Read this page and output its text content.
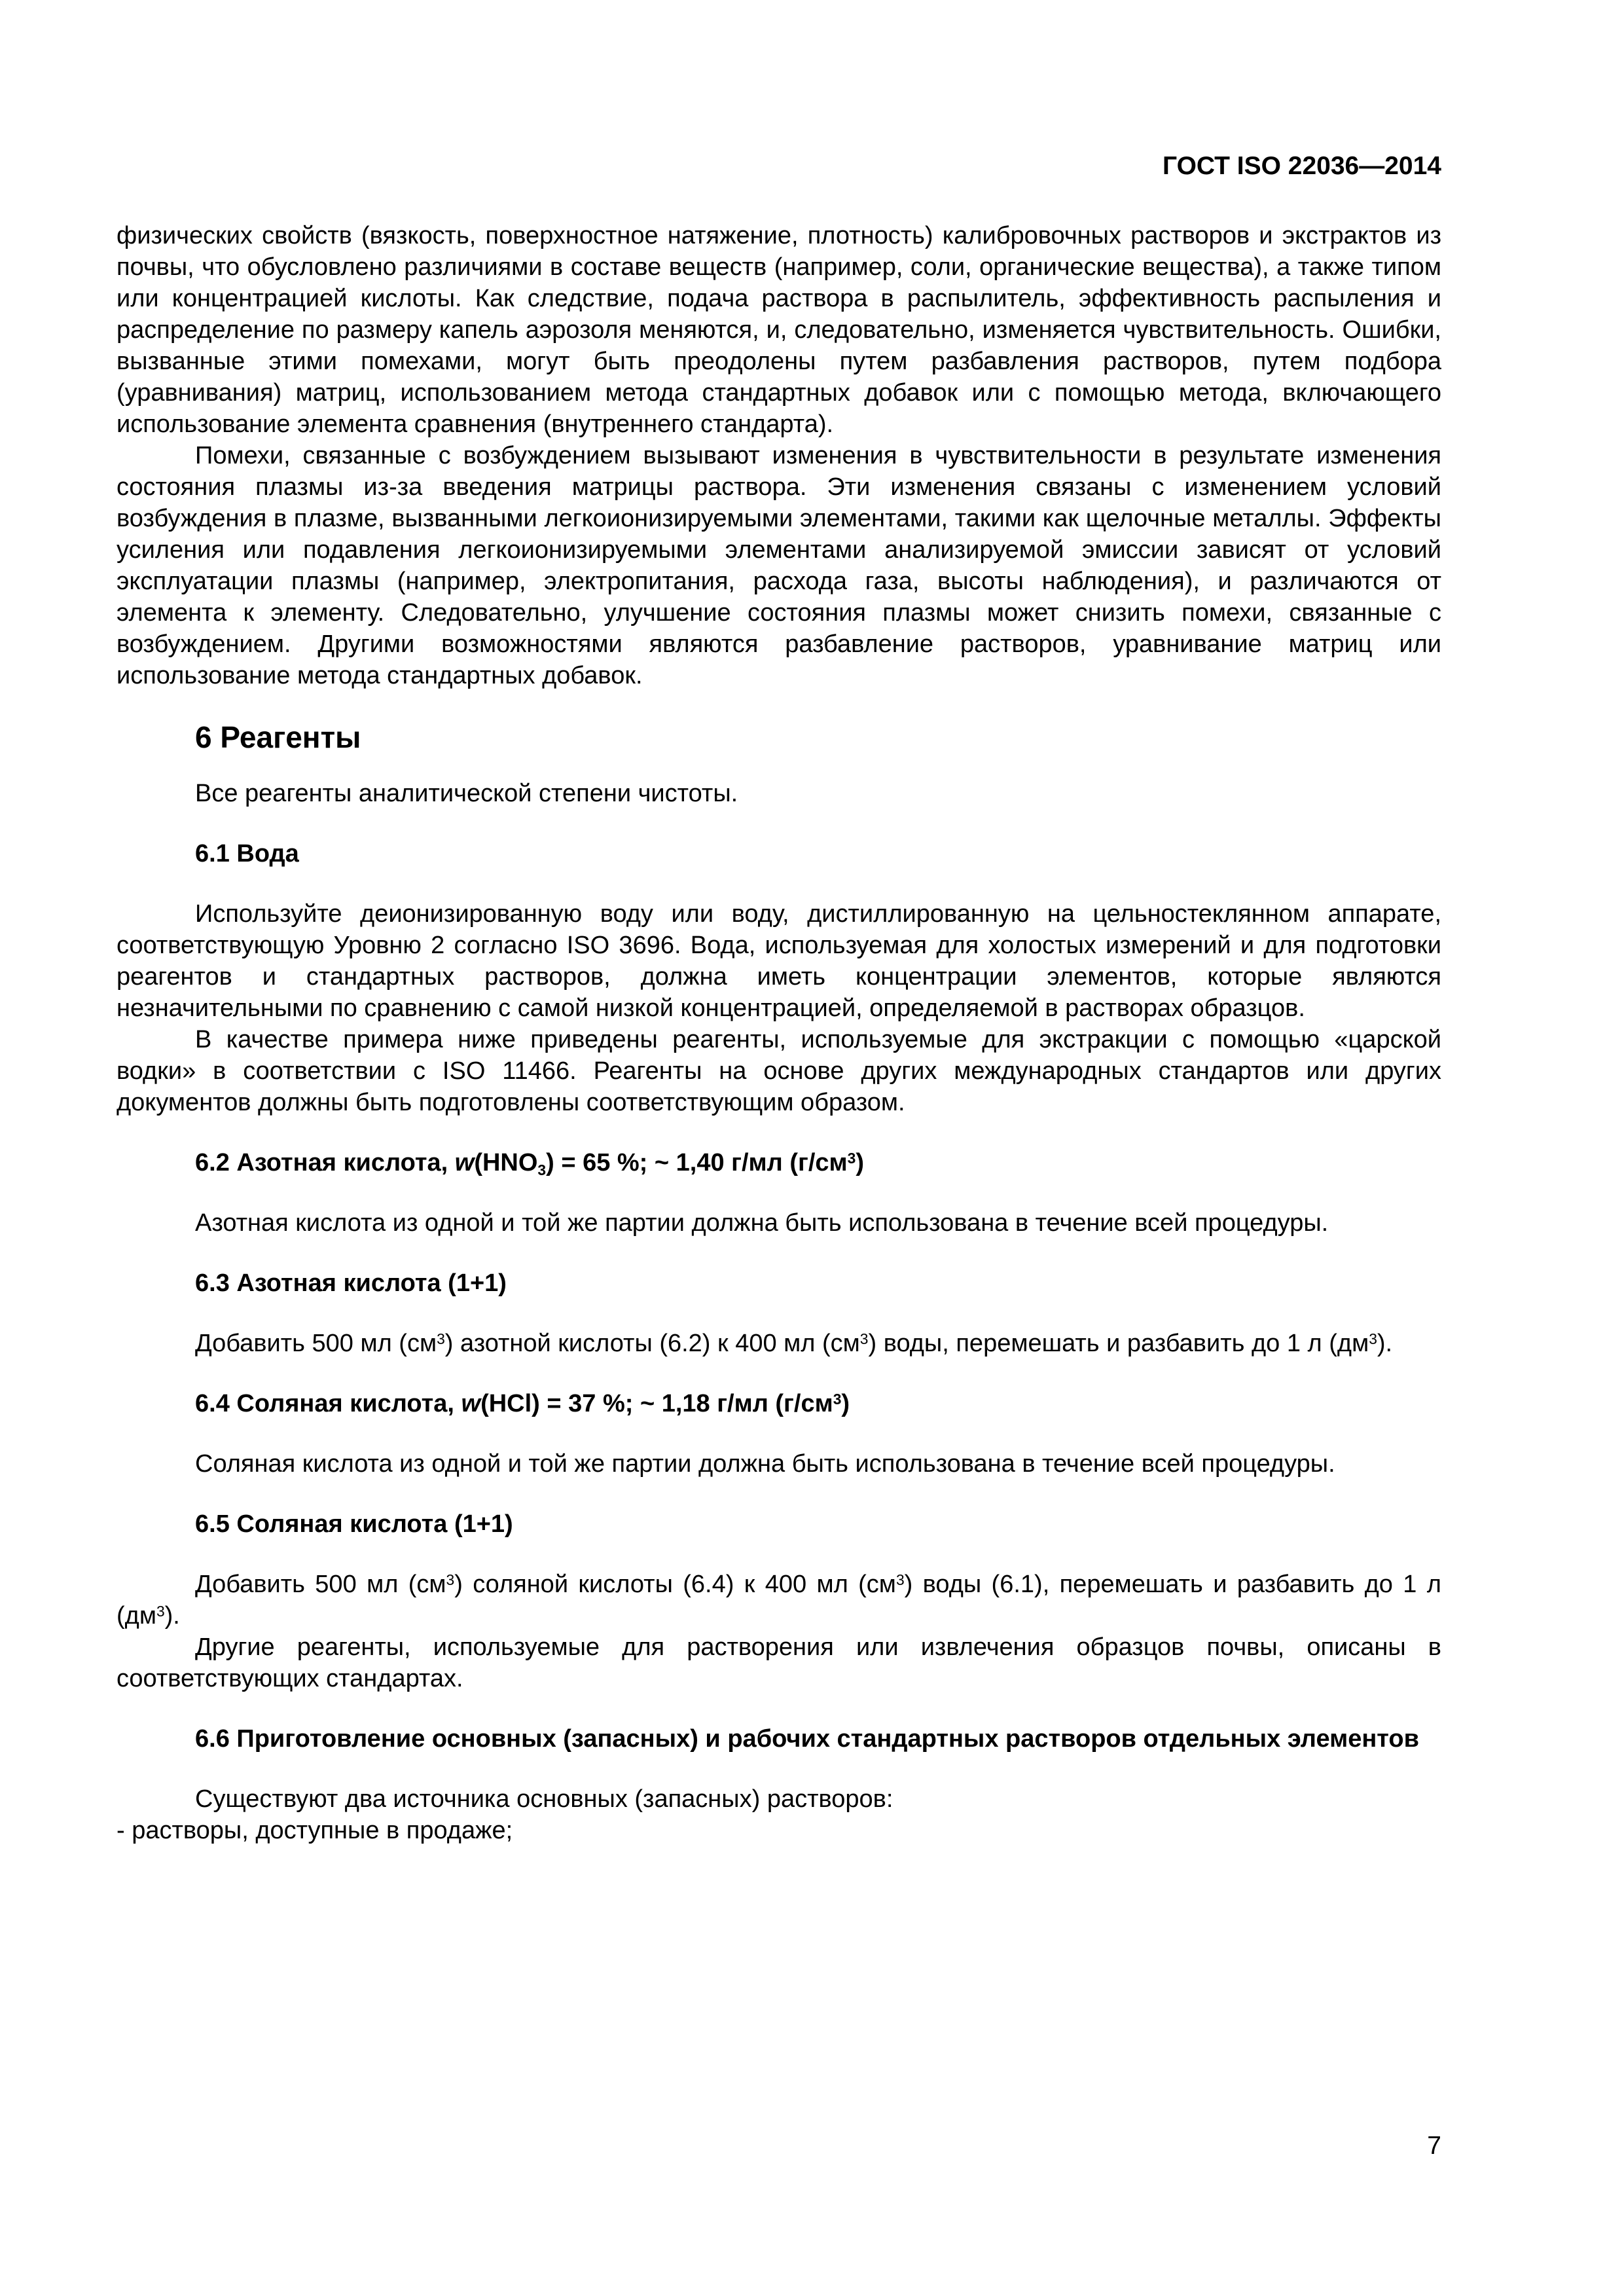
ГОСТ ISO 22036—2014

физических свойств (вязкость, поверхностное натяжение, плотность) калибровочных растворов и экстрактов из почвы, что обусловлено различиями в составе веществ (например, соли, органические вещества), а также типом или концентрацией кислоты. Как следствие, подача раствора в распылитель, эффективность распыления и распределение по размеру капель аэрозоля меняются, и, следовательно, изменяется чувствительность. Ошибки, вызванные этими помехами, могут быть преодолены путем разбавления растворов, путем подбора (уравнивания) матриц, использованием метода стандартных добавок или с помощью метода, включающего использование элемента сравнения (внутреннего стандарта).

Помехи, связанные с возбуждением вызывают изменения в чувствительности в результате изменения состояния плазмы из-за введения матрицы раствора. Эти изменения связаны с изменением условий возбуждения в плазме, вызванными легкоионизируемыми элементами, такими как щелочные металлы. Эффекты усиления или подавления легкоионизируемыми элементами анализируемой эмиссии зависят от условий эксплуатации плазмы (например, электропитания, расхода газа, высоты наблюдения), и различаются от элемента к элементу. Следовательно, улучшение состояния плазмы может снизить помехи, связанные с возбуждением. Другими возможностями являются разбавление растворов, уравнивание матриц или использование метода стандартных добавок.

6 Реагенты

Все реагенты аналитической степени чистоты.

6.1 Вода

Используйте деионизированную воду или воду, дистиллированную на цельностеклянном аппарате, соответствующую Уровню 2 согласно ISO 3696. Вода, используемая для холостых измерений и для подготовки реагентов и стандартных растворов, должна иметь концентрации элементов, которые являются незначительными по сравнению с самой низкой концентрацией, определяемой в растворах образцов.

В качестве примера ниже приведены реагенты, используемые для экстракции с помощью «царской водки» в соответствии с ISO 11466. Реагенты на основе других международных стандартов или других документов должны быть подготовлены соответствующим образом.

6.2 Азотная кислота, $w(HNO_3) = 65$ %; ~ 1,40 г/мл $(г/см^3)$

Азотная кислота из одной и той же партии должна быть использована в течение всей процедуры.

6.3 Азотная кислота (1+1)

Добавить 500 мл $(см^3)$ азотной кислоты (6.2) к 400 мл $(см^3)$ воды, перемешать и разбавить до 1 л $(дм^3)$.

6.4 Соляная кислота, w(HCl) = 37 %; ~ 1,18 г/мл $(г/см^3)$

Соляная кислота из одной и той же партии должна быть использована в течение всей процедуры.

6.5 Соляная кислота (1+1)

Добавить 500 мл $(см^3)$ соляной кислоты (6.4) к 400 мл $(см^3)$ воды (6.1), перемешать и разбавить до 1 л $(дм^3)$.

Другие реагенты, используемые для растворения или извлечения образцов почвы, описаны в соответствующих стандартах.

6.6 Приготовление основных (запасных) и рабочих стандартных растворов отдельных элементов

Существуют два источника основных (запасных) растворов:

- растворы, доступные в продаже;

7
